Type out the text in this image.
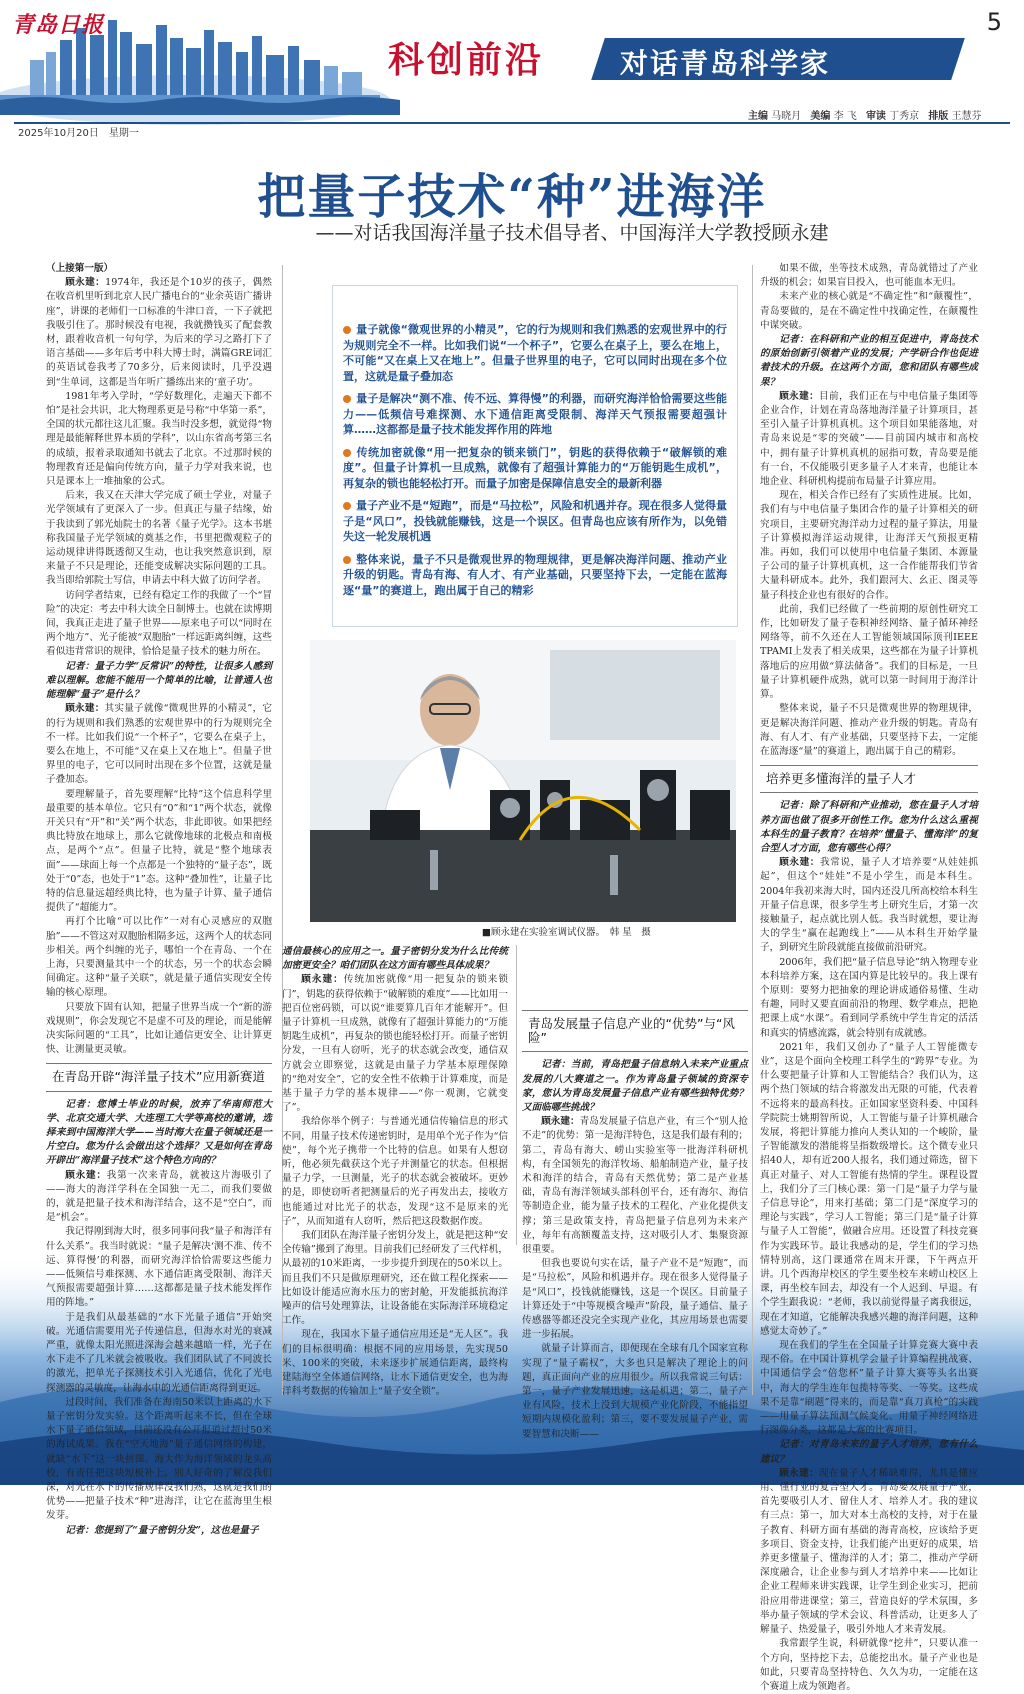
青岛日报	5
科创前沿	对话青岛科学家
主编 马晓月 美编 李 飞 审读 丁秀京 排版 王慧芬
2025年10月20日　星期一
把量子技术“种”进海洋
——对话我国海洋量子技术倡导者、中国海洋大学教授顾永建

（上接第一版）

顾永建：1974年，我还是个10岁的孩子，偶然在收音机里听到北京人民广播电台的“业余英语广播讲座”，讲课的老师们一口标准的牛津口音，一下子就把我吸引住了。那时候没有电视，我就攒钱买了配套教材，跟着收音机一句句学，为后来的学习之路打下了语言基础——多年后考中科大博士时，满篇GRE词汇的英语试卷我考了70多分，后来阅读时，几乎没遇到“生单词，这都是当年听广播练出来的‘童子功’。

1981年考入学时，“学好数理化，走遍天下都不怕”是社会共识，北大物理系更是号称“中华第一系”，全国的状元都往这儿汇聚。我当时没多想，就觉得“物理是最能解释世界本质的学科”，以山东省高考第三名的成绩，报着录取通知书就去了北京。不过那时候的物理教育还是偏向传统方向，量子力学对我来说，也只是课本上一堆抽象的公式。

后来，我又在天津大学完成了硕士学业，对量子光学领域有了更深入了一步。但真正与量子结缘，始于我读到了郭光灿院士的名著《量子光学》。这本书堪称我国量子光学领域的奠基之作，书里把微观粒子的运动规律讲得既透彻又生动，也让我突然意识到，原来量子不只是理论，还能变成解决实际问题的工具。我当即给郭院士写信，申请去中科大做了访问学者。

访问学者结束，已经有稳定工作的我做了一个“冒险”的决定：考去中科大读全日制博士。也就在读博期间，我真正走进了量子世界——原来电子可以“同时在两个地方”、光子能被“双胞胎”一样远距离纠缠，这些看似违背常识的规律，恰恰是量子技术的魅力所在。

记者：量子力学“反常识”的特性，让很多人感到难以理解。您能不能用一个简单的比喻，让普通人也能理解“量子”是什么？

顾永建：其实量子就像“微观世界的小精灵”，它的行为规则和我们熟悉的宏观世界中的行为规则完全不一样。比如我们说“一个杯子”，它要么在桌子上，要么在地上，不可能“又在桌上又在地上”。但量子世界里的电子，它可以同时出现在多个位置，这就是量子叠加态。

要理解量子，首先要理解“比特”这个信息科学里最重要的基本单位。它只有“0”和“1”两个状态，就像开关只有“开”和“关”两个状态，非此即彼。如果把经典比特放在地球上，那么它就像地球的北极点和南极点，是两个“点”。但量子比特，就是“整个地球表面”——球面上每一个点都是一个独特的“量子态”，既处于“0”态，也处于“1”态。这种“叠加性”，让量子比特的信息量远超经典比特，也为量子计算、量子通信提供了“超能力”。

再打个比喻“可以比作”一对有心灵感应的双胞胎”——不管这对双胞胎相隔多远，这两个人的状态同步相关。两个纠缠的光子，哪怕一个在青岛、一个在上海，只要测量其中一个的状态，另一个的状态会瞬间确定。这种“量子关联”，就是量子通信实现安全传输的核心原理。

只要放下固有认知，把量子世界当成一个“新的游戏规则”，你会发现它不是虚不可及的理论，而是能解决实际问题的“工具”，比如让通信更安全、让计算更快、让测量更灵敏。

在青岛开辟“海洋量子技术”应用新赛道

记者：您博士毕业的时候，放弃了华南师范大学、北京交通大学、大连理工大学等高校的邀请，选择来到中国海洋大学——当时海大在量子领域还是一片空白。您为什么会做出这个选择？又是如何在青岛开辟出“海洋量子技术”这个特色方向的？

顾永建：我第一次来青岛，就被这片海吸引了——海大的海洋学科在全国独一无二，而我们要做的，就是把量子技术和海洋结合，这不是“空白”，而是“机会”。

我记得刚到海大时，很多同事问我“量子和海洋有什么关系”。我当时就说：“量子是解决‘测不准、传不远、算得慢’的利器，而研究海洋恰恰需要这些能力——低频信号难探测、水下通信距离受限制、海洋天气预报需要超强计算……这都都是量子技术能发挥作用的阵地。”

于是我们从最基础的“水下光量子通信”开始突破。光通信需要用光子传递信息，但海水对光的衰减严重，就像太阳光照进深海会越来越暗一样，光子在水下走不了几米就会被吸收。我们团队试了不同波长的激光，把单光子探测技术引入光通信，优化了光电探测器的灵敏度，让海水中的光通信距离得到更远。

过段时间，我们准备在海南50米以上距离的水下量子密钥分发实验。这个距离听起来不长，但在全球水下量子通信领域，目前还没有公开报道过超过50米的海试成果。我在“空天地海”量子通信网络的构建，就缺“水下”这一块拼图。海大作为海洋领域的龙头高校，有责任把这块短板补上。别人好奇的了解没我们深，对光在水下的传播规律没我们熟，这就是我们的优势——把量子技术“种”进海洋，让它在蓝海里生根发芽。

记者：您提到了“量子密钥分发”，这也是量子

量子就像“微观世界的小精灵”，它的行为规则和我们熟悉的宏观世界中的行为规则完全不一样。比如我们说“一个杯子”，它要么在桌子上，要么在地上，不可能“又在桌上又在地上”。但量子世界里的电子，它可以同时出现在多个位置，这就是量子叠加态
量子是解决“测不准、传不远、算得慢”的利器，而研究海洋恰恰需要这些能力——低频信号难探测、水下通信距离受限制、海洋天气预报需要超强计算……这都都是量子技术能发挥作用的阵地
传统加密就像“用一把复杂的锁来锁门”，钥匙的获得依赖于“破解锁的难度”。但量子计算机一旦成熟，就像有了超强计算能力的“万能钥匙生成机”，再复杂的锁也能轻松打开。而量子加密是保障信息安全的最新利器
量子产业不是“短跑”，而是“马拉松”，风险和机遇并存。现在很多人觉得量子是“风口”，投钱就能赚钱，这是一个误区。但青岛也应该有所作为，以免错失这一轮发展机遇
整体来说，量子不只是微观世界的物理规律，更是解决海洋问题、推动产业升级的钥匙。青岛有海、有人才、有产业基础，只要坚持下去，一定能在蓝海逐“量”的赛道上，跑出属于自己的精彩
■顾永建在实验室调试仪器。　韩 星　摄

通信最核心的应用之一。量子密钥分发为什么比传统加密更安全？咱们团队在这方面有哪些具体成果？

顾永建：传统加密就像“用一把复杂的锁来锁门”，钥匙的获得依赖于“破解锁的难度”——比如用一把百位密码锁，可以说“谁要算几百年才能解开”。但量子计算机一旦成熟，就像有了超强计算能力的“万能钥匙生成机”，再复杂的锁也能轻松打开。而量子密钥分发，一旦有人窃听，光子的状态就会改变，通信双方就会立即察觉，这就是由量子力学基本原理保障的“绝对安全”，它的安全性不依赖于计算难度，而是基于量子力学的基本规律——“你一观测，它就变了”。

我给你举个例子：与普通光通信传输信息的形式不同，用量子技术传递密钥时，是用单个光子作为“信使”，每个光子携带一个比特的信息。如果有人想窃听，他必须先截获这个光子并测量它的状态。但根据量子力学，一旦测量，光子的状态就会被破坏。更妙的是，即使窃听者把测量后的光子再发出去，接收方也能通过对比光子的状态，发现“这不是原来的光子”，从而知道有人窃听，然后把这段数据作废。

我们团队在海洋量子密钥分发上，就是把这种“安全传输”搬到了海里。目前我们已经研发了三代样机，从最初的10米距离，一步步提升到现在的50米以上。而且我们不只是做原理研究，还在做工程化探索——比如设计能适应海水压力的密封舱，开发能抵抗海洋噪声的信号处理算法，让设备能在实际海洋环境稳定工作。

现在，我国水下量子通信应用还是“无人区”。我们的目标很明确：根据不同的应用场景，先实现50米、100米的突破，未来逐步扩展通信距离，最终构建陆海空全体通信网络，让水下通信更安全，也为海洋科考数据的传输加上“量子安全锁”。

青岛发展量子信息产业的“优势”与“风险”

记者：当前，青岛把量子信息纳入未来产业重点发展的八大赛道之一。作为青岛量子领域的资深专家，您认为青岛发展量子信息产业有哪些独特优势？又面临哪些挑战？

顾永建：青岛发展量子信息产业，有三个“别人抢不走”的优势：第一是海洋特色，这是我们最有利的；第二，青岛有海大、崂山实验室等一批海洋科研机构，有全国领先的海洋牧场、船舶制造产业，量子技术和海洋的结合，青岛有天然优势；第二是产业基础，青岛有海洋领域头部科创平台，还有海尔、海信等制造企业，能为量子技术的工程化、产业化提供支撑；第三是政策支持，青岛把量子信息列为未来产业，每年有高额覆盖支持，这对吸引人才、集聚资源很重要。

但我也要说句实在话，量子产业不是“短跑”，而是“马拉松”，风险和机遇并存。现在很多人觉得量子是“风口”，投钱就能赚钱，这是一个误区。目前量子计算还处于“中等规模含噪声”阶段，量子通信、量子传感器等都还没完全实现产业化，其应用场景也需要进一步拓展。

就量子计算而言，即便现在全球有几个国家宣称实现了“量子霸权”，大多也只是解决了理论上的问题，真正面向产业的应用很少。所以我常说三句话：第一，量子产业发展迅速，这是机遇；第二，量子产业有风险，技术上没到大规模产业化阶段，不能指望短期内规模化盈利；第三，要不要发展量子产业，需要智慧和决断——

如果不做，坐等技术成熟，青岛就错过了产业升级的机会；如果盲目投入，也可能血本无归。

未来产业的核心就是“不确定性”和“颠覆性”，青岛要做的，是在不确定性中找确定性，在颠覆性中谋突破。

记者：在科研和产业的相互促进中，青岛技术的原始创新引领着产业的发展；产学研合作也促进着技术的升级。在这两个方面，您和团队有哪些成果？

顾永建：目前，我们正在与中电信量子集团等企业合作，计划在青岛落地海洋量子计算项目，甚至引入量子计算机真机。这个项目如果能落地，对青岛来说是“零的突破”——目前国内城市和高校中，拥有量子计算机真机的屈指可数，青岛要是能有一台，不仅能吸引更多量子人才来青，也能让本地企业、科研机构提前布局量子计算应用。

现在，相关合作已经有了实质性进展。比如，我们有与中电信量子集团合作的量子计算相关的研究项目，主要研究海洋动力过程的量子算法，用量子计算模拟海洋运动规律，让海洋天气预报更精准。再如，我们可以使用中电信量子集团、本源量子公司的量子计算机真机，这一合作能帮我们节省大量科研成本。此外，我们跟河大、幺正、图灵等量子科技企业也有很好的合作。

此前，我们已经做了一些前期的原创性研究工作，比如研发了量子卷积神经网络、量子循环神经网络等，前不久还在人工智能领域国际顶刊IEEE TPAMI上发表了相关成果，这些都在为量子计算机落地后的应用做“算法储备”。我们的目标是，一旦量子计算机硬件成熟，就可以第一时间用于海洋计算。

整体来说，量子不只是微观世界的物理规律，更是解决海洋问题、推动产业升级的钥匙。青岛有海、有人才、有产业基础，只要坚持下去，一定能在蓝海逐“量”的赛道上，跑出属于自己的精彩。

培养更多懂海洋的量子人才

记者：除了科研和产业推动，您在量子人才培养方面也做了很多开创性工作。您为什么这么重视本科生的量子教育？在培养“懂量子、懂海洋”的复合型人才方面，您有哪些心得？

顾永建：我常说，量子人才培养要“从娃娃抓起”，但这个“娃娃”不是小学生，而是本科生。2004年我初来海大时，国内还没几所高校给本科生开量子信息课，很多学生考上研究生后，才第一次接触量子，起点就比别人低。我当时就想，要让海大的学生“赢在起跑线上”——从本科生开始学量子，到研究生阶段就能直接做前沿研究。

2006年，我们把“量子信息导论”纳入物理专业本科培养方案，这在国内算是比较早的。我上课有个原则：要努力把抽象的理论讲成通俗易懂、生动有趣，同时又要直面前沿的物理、数学难点，把艳把课上成“水课”。看到同学系统中学生肯定的活活和真实的情感流露，就会特别有成就感。

2021年，我们又创办了“量子人工智能微专业”，这是个面向全校理工科学生的“跨界”专业。为什么要把量子计算和人工智能结合？我们认为，这两个热门领域的结合将激发出无限的可能，代表着不远将来的最高科技。正如国家坚资科委、中国科学院院士姚期智所说，人工智能与量子计算机融合发展，将把计算能力推向人类认知的一个峻阶，量子智能激发的潜能将呈指数级增长。这个微专业只招40人，却有近200人报名，我们通过筛选，留下真正对量子、对人工智能有热情的学生。课程设置上，我们分了三门核心课：第一门是“量子力学与量子信息导论”，用来打基础；第二门是“深度学习的理论与实践”，学习人工智能；第三门是“量子计算与量子人工智能”，做融合应用。还设置了科技竞赛作为实践环节。最让我感动的是，学生们的学习热情特别高，这门课通常在周末开课，下午两点开讲。几个西海岸校区的学生要坐校车来崂山校区上课，再坐校车回去，却没有一个人迟到、早退。有个学生跟我说：“老师，我以前觉得量子离我很远，现在才知道，它能解决我感兴趣的海洋问题，这种感觉太奇妙了。”

现在我们的学生在全国量子计算竞赛大赛中表现不俗。在中国计算机学会量子计算编程挑战赛、中国通信学会“倍您杯”量子计算大赛等头名出赛中，海大的学生连年包揽特等奖、一等奖。这些成果不是靠“刷题”得来的，而是靠“真刀真枪”的实践——用量子算法预测气候变化、用量子神经网络进行图像分类，这都是大赛的比赛项目。

记者：对青岛未来的量子人才培养，您有什么建议？

顾永建：现在量子人才稀缺难得，尤其是懂应用、懂行业的复合型人才。青岛要发展量子产业，首先要吸引人才、留住人才、培养人才。我的建议有三点：第一，加大对本土高校的支持，对于在量子教育、科研方面有基础的海青高校，应该给予更多项目、资金支持，让我们能产出更好的成果，培养更多懂量子、懂海洋的人才；第二，推动产学研深度融合，让企业参与到人才培养中来——比如让企业工程师来讲实践课，让学生到企业实习，把前沿应用带进课堂；第三，营造良好的学术氛围，多举办量子领域的学术会议、科普活动，让更多人了解量子、热爱量子，吸引外地人才来青发展。

我常跟学生说，科研就像“挖井”，只要认准一个方向，坚持挖下去，总能挖出水。量子产业也是如此，只要青岛坚持特色、久久为功，一定能在这个赛道上成为领跑者。
